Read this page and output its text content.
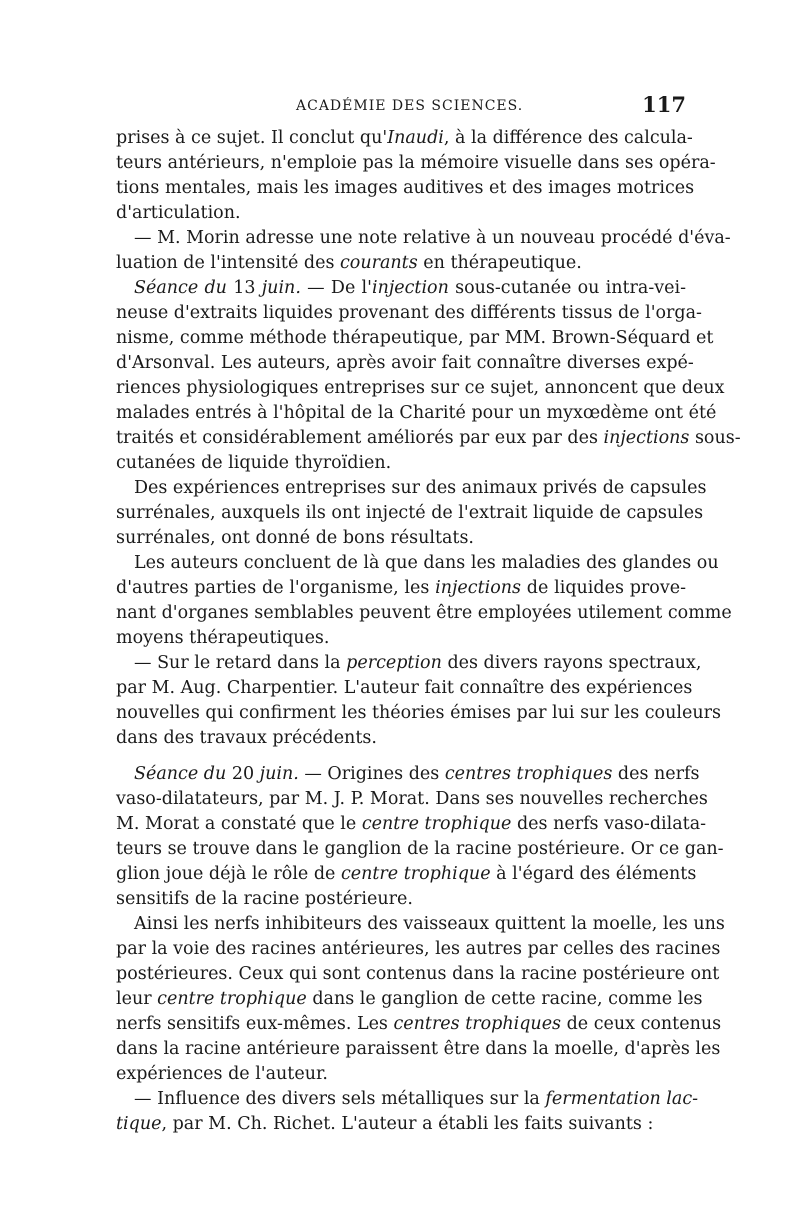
ACADÉMIE DES SCIENCES.	117
prises à ce sujet. Il conclut qu'Inaudi, à la différence des calcula-
teurs antérieurs, n'emploie pas la mémoire visuelle dans ses opéra-
tions mentales, mais les images auditives et des images motrices
d'articulation.
— M. Morin adresse une note relative à un nouveau procédé d'éva-
luation de l'intensité des courants en thérapeutique.
Séance du 13 juin. — De l'injection sous-cutanée ou intra-vei-
neuse d'extraits liquides provenant des différents tissus de l'orga-
nisme, comme méthode thérapeutique, par MM. Brown-Séquard et
d'Arsonval. Les auteurs, après avoir fait connaître diverses expé-
riences physiologiques entreprises sur ce sujet, annoncent que deux
malades entrés à l'hôpital de la Charité pour un myxœdème ont été
traités et considérablement améliorés par eux par des injections sous-
cutanées de liquide thyroïdien.
Des expériences entreprises sur des animaux privés de capsules
surrénales, auxquels ils ont injecté de l'extrait liquide de capsules
surrénales, ont donné de bons résultats.
Les auteurs concluent de là que dans les maladies des glandes ou
d'autres parties de l'organisme, les injections de liquides prove-
nant d'organes semblables peuvent être employées utilement comme
moyens thérapeutiques.
— Sur le retard dans la perception des divers rayons spectraux,
par M. Aug. Charpentier. L'auteur fait connaître des expériences
nouvelles qui confirment les théories émises par lui sur les couleurs
dans des travaux précédents.
Séance du 20 juin. — Origines des centres trophiques des nerfs
vaso-dilatateurs, par M. J. P. Morat. Dans ses nouvelles recherches
M. Morat a constaté que le centre trophique des nerfs vaso-dilata-
teurs se trouve dans le ganglion de la racine postérieure. Or ce gan-
glion joue déjà le rôle de centre trophique à l'égard des éléments
sensitifs de la racine postérieure.
Ainsi les nerfs inhibiteurs des vaisseaux quittent la moelle, les uns
par la voie des racines antérieures, les autres par celles des racines
postérieures. Ceux qui sont contenus dans la racine postérieure ont
leur centre trophique dans le ganglion de cette racine, comme les
nerfs sensitifs eux-mêmes. Les centres trophiques de ceux contenus
dans la racine antérieure paraissent être dans la moelle, d'après les
expériences de l'auteur.
— Influence des divers sels métalliques sur la fermentation lac-
tique, par M. Ch. Richet. L'auteur a établi les faits suivants :
